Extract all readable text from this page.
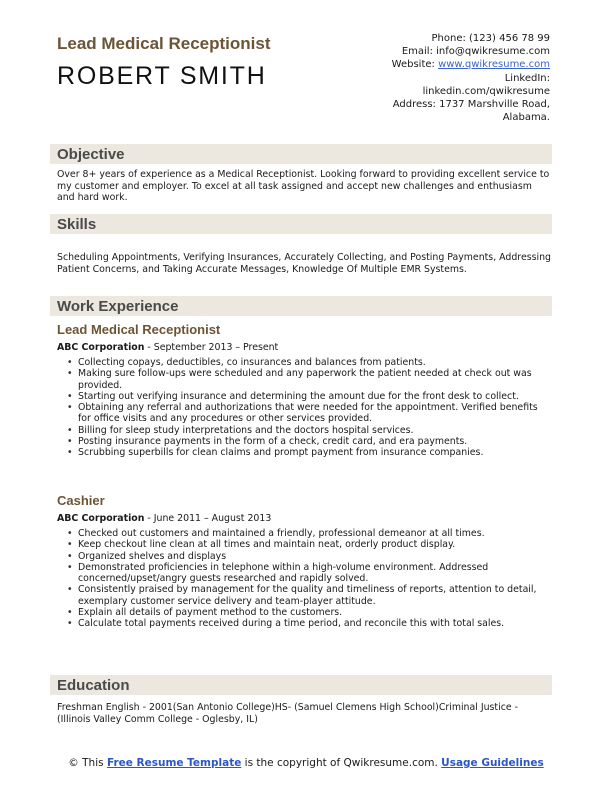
Lead Medical Receptionist
ROBERT SMITH
Phone: (123) 456 78 99
Email: info@qwikresume.com
Website: www.qwikresume.com
LinkedIn:
linkedin.com/qwikresume
Address: 1737 Marshville Road,
Alabama.
Objective
Over 8+ years of experience as a Medical Receptionist. Looking forward to providing excellent service to my customer and employer. To excel at all task assigned and accept new challenges and enthusiasm and hard work.
Skills
Scheduling Appointments, Verifying Insurances, Accurately Collecting, and Posting Payments, Addressing Patient Concerns, and Taking Accurate Messages, Knowledge Of Multiple EMR Systems.
Work Experience
Lead Medical Receptionist
ABC Corporation - September 2013 – Present
• Collecting copays, deductibles, co insurances and balances from patients.
• Making sure follow-ups were scheduled and any paperwork the patient needed at check out was provided.
• Starting out verifying insurance and determining the amount due for the front desk to collect.
• Obtaining any referral and authorizations that were needed for the appointment. Verified benefits for office visits and any procedures or other services provided.
• Billing for sleep study interpretations and the doctors hospital services.
• Posting insurance payments in the form of a check, credit card, and era payments.
• Scrubbing superbills for clean claims and prompt payment from insurance companies.
Cashier
ABC Corporation - June 2011 – August 2013
• Checked out customers and maintained a friendly, professional demeanor at all times.
• Keep checkout line clean at all times and maintain neat, orderly product display.
• Organized shelves and displays
• Demonstrated proficiencies in telephone within a high-volume environment. Addressed concerned/upset/angry guests researched and rapidly solved.
• Consistently praised by management for the quality and timeliness of reports, attention to detail, exemplary customer service delivery and team-player attitude.
• Explain all details of payment method to the customers.
• Calculate total payments received during a time period, and reconcile this with total sales.
Education
Freshman English - 2001(San Antonio College)HS- (Samuel Clemens High School)Criminal Justice - (Illinois Valley Comm College - Oglesby, IL)
© This Free Resume Template is the copyright of Qwikresume.com. Usage Guidelines
